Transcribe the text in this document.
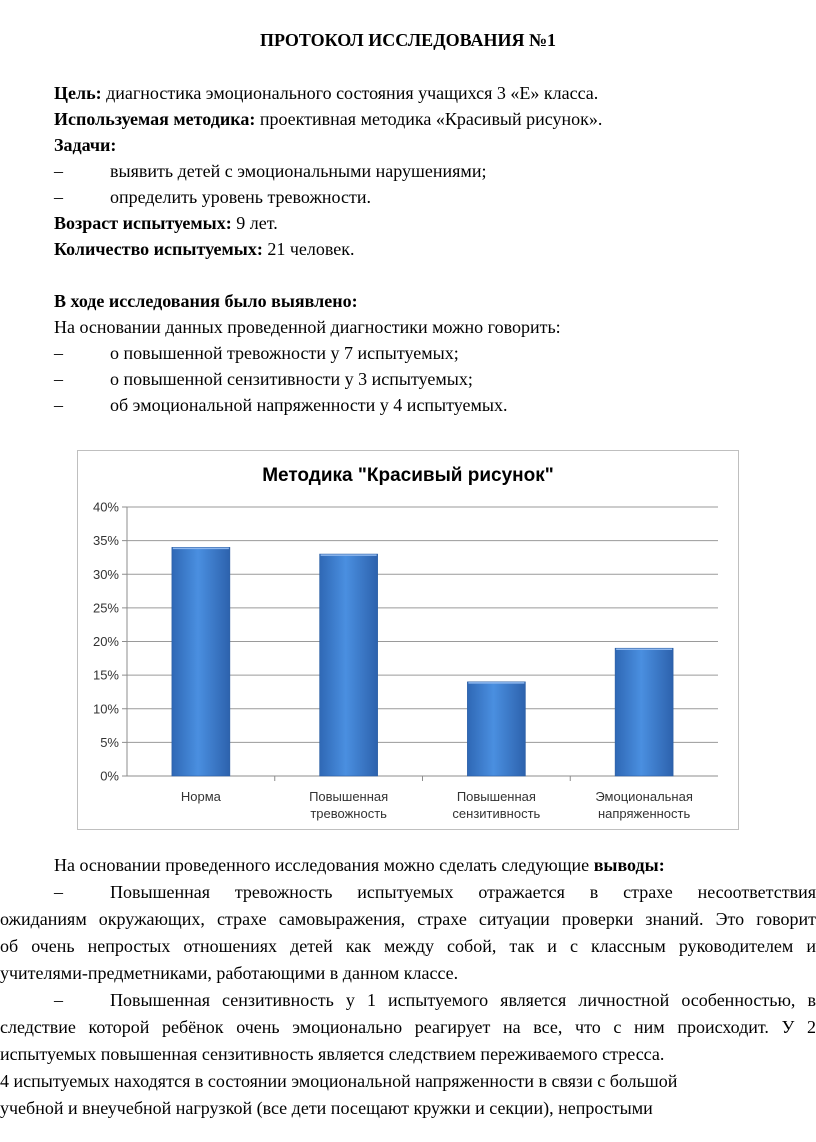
ПРОТОКОЛ ИССЛЕДОВАНИЯ №1
Цель: диагностика эмоционального состояния учащихся 3 «Е» класса.
Используемая методика: проективная методика «Красивый рисунок».
Задачи:
–	выявить детей с эмоциональными нарушениями;
–	определить уровень тревожности.
Возраст испытуемых: 9 лет.
Количество испытуемых: 21 человек.
В ходе исследования было выявлено:
На основании данных проведенной диагностики можно говорить:
–	о повышенной тревожности у 7 испытуемых;
–	о повышенной сензитивности у 3 испытуемых;
–	об эмоциональной напряженности у 4 испытуемых.
Методика "Красивый рисунок"
0%
5%
10%
15%
20%
25%
30%
35%
40%
Норма	Повышенная
тревожность
Повышенная
сензитивность
Эмоциональная
напряженность

На основании проведенного исследования можно сделать следующие выводы:

–	Повышенная тревожность испытуемых отражается в страхе несоответствия

ожиданиям окружающих, страхе самовыражения, страхе ситуации проверки знаний. Это говорит

об очень непростых отношениях детей как между собой, так и с классным руководителем и

учителями-предметниками, работающими в данном классе.

–	Повышенная сензитивность у 1 испытуемого является личностной особенностью, в

следствие которой ребёнок очень эмоционально реагирует на все, что с ним происходит. У 2

испытуемых повышенная сензитивность является следствием переживаемого стресса.

4 испытуемых находятся в состоянии эмоциональной напряженности в связи с большой

учебной и внеучебной нагрузкой (все дети посещают кружки и секции), непростыми
